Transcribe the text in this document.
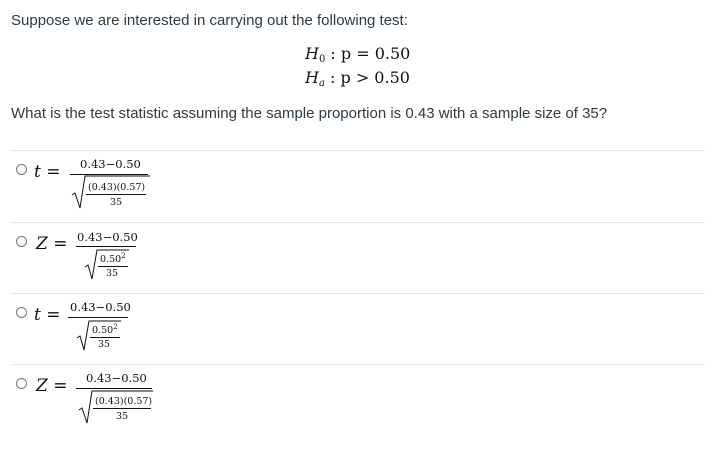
Suppose we are interested in carrying out the following test:
$H_0$ : p = 0.50
$H_a$ : p > 0.50
What is the test statistic assuming the sample proportion is 0.43 with a sample size of 35?
t = 0.43−0.50
(0.43)(0.57)
35
Z = 0.43−0.50
0.50$^2$
35
t = 0.43−0.50
0.50$^2$
35
Z = 0.43−0.50
(0.43)(0.57)
35
